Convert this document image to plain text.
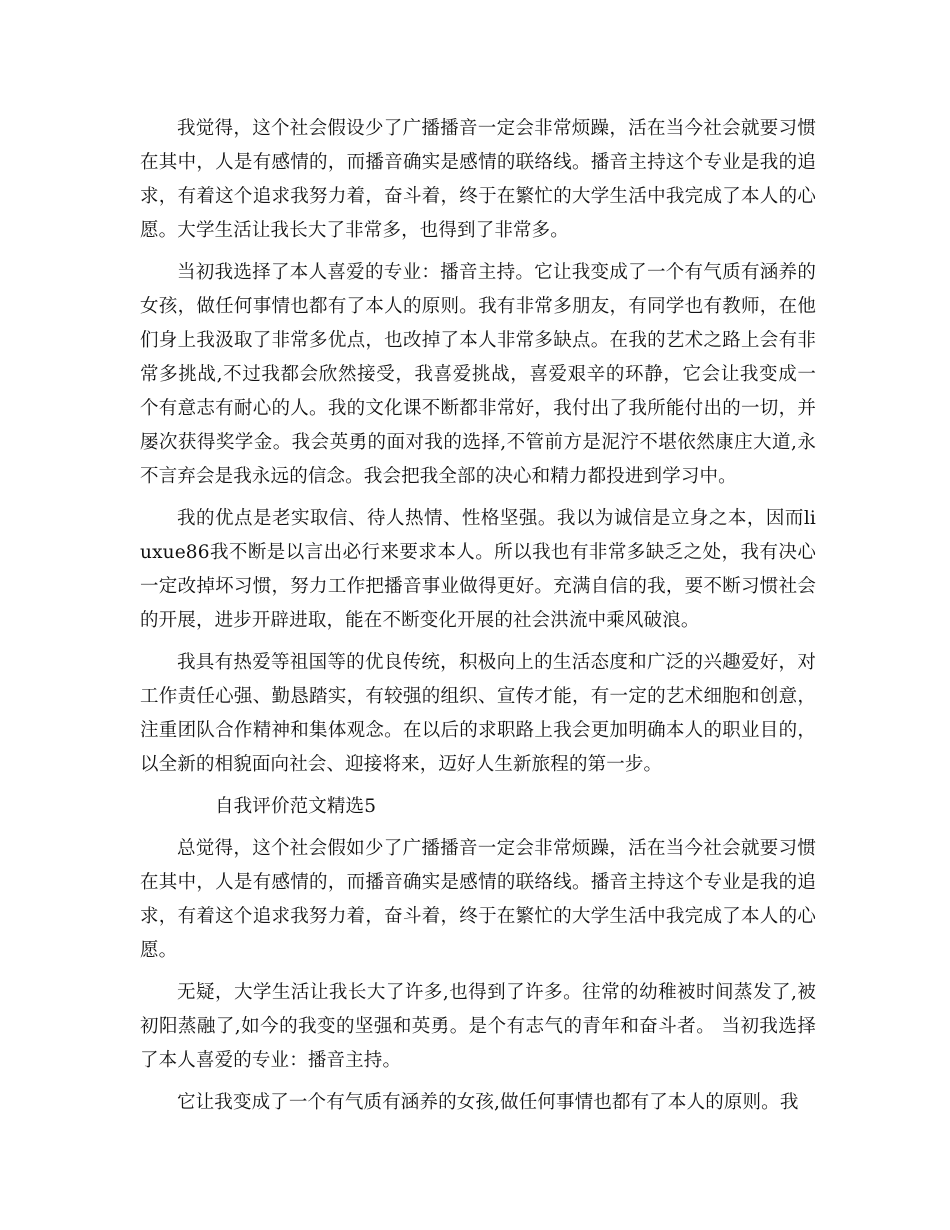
我觉得，这个社会假设少了广播播音一定会非常烦躁，活在当今社会就要习惯在其中，人是有感情的，而播音确实是感情的联络线。播音主持这个专业是我的追求，有着这个追求我努力着，奋斗着，终于在繁忙的大学生活中我完成了本人的心愿。大学生活让我长大了非常多，也得到了非常多。

当初我选择了本人喜爱的专业：播音主持。它让我变成了一个有气质有涵养的女孩，做任何事情也都有了本人的原则。我有非常多朋友，有同学也有教师，在他们身上我汲取了非常多优点，也改掉了本人非常多缺点。在我的艺术之路上会有非常多挑战,不过我都会欣然接受，我喜爱挑战，喜爱艰辛的环静，它会让我变成一个有意志有耐心的人。我的文化课不断都非常好，我付出了我所能付出的一切，并屡次获得奖学金。我会英勇的面对我的选择,不管前方是泥泞不堪依然康庄大道,永不言弃会是我永远的信念。我会把我全部的决心和精力都投进到学习中。

我的优点是老实取信、待人热情、性格坚强。我以为诚信是立身之本，因而liuxue86我不断是以言出必行来要求本人。所以我也有非常多缺乏之处，我有决心一定改掉坏习惯，努力工作把播音事业做得更好。充满自信的我，要不断习惯社会的开展，进步开辟进取，能在不断变化开展的社会洪流中乘风破浪。

我具有热爱等祖国等的优良传统，积极向上的生活态度和广泛的兴趣爱好，对工作责任心强、勤恳踏实，有较强的组织、宣传才能，有一定的艺术细胞和创意，注重团队合作精神和集体观念。在以后的求职路上我会更加明确本人的职业目的，以全新的相貌面向社会、迎接将来，迈好人生新旅程的第一步。

自我评价范文精选5

总觉得，这个社会假如少了广播播音一定会非常烦躁，活在当今社会就要习惯在其中，人是有感情的，而播音确实是感情的联络线。播音主持这个专业是我的追求，有着这个追求我努力着，奋斗着，终于在繁忙的大学生活中我完成了本人的心愿。

无疑，大学生活让我长大了许多,也得到了许多。往常的幼稚被时间蒸发了,被初阳蒸融了,如今的我变的坚强和英勇。是个有志气的青年和奋斗者。 当初我选择了本人喜爱的专业：播音主持。

它让我变成了一个有气质有涵养的女孩,做任何事情也都有了本人的原则。我
